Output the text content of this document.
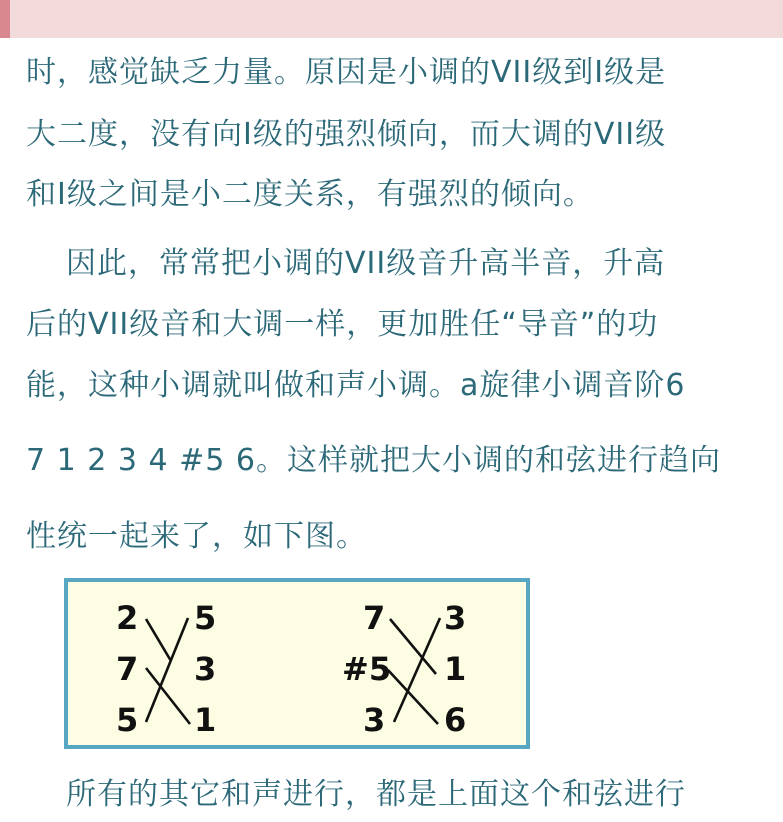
时，感觉缺乏力量。原因是小调的VII级到I级是
大二度，没有向I级的强烈倾向，而大调的VII级
和I级之间是小二度关系，有强烈的倾向。
因此，常常把小调的VII级音升高半音，升高
后的VII级音和大调一样，更加胜任“导音”的功
能，这种小调就叫做和声小调。a旋律小调音阶6
7 1 2 3 4 #5 6。这样就把大小调的和弦进行趋向
性统一起来了，如下图。
2 5
7 3
5 1
7 3
#5 1
3 6
所有的其它和声进行，都是上面这个和弦进行
